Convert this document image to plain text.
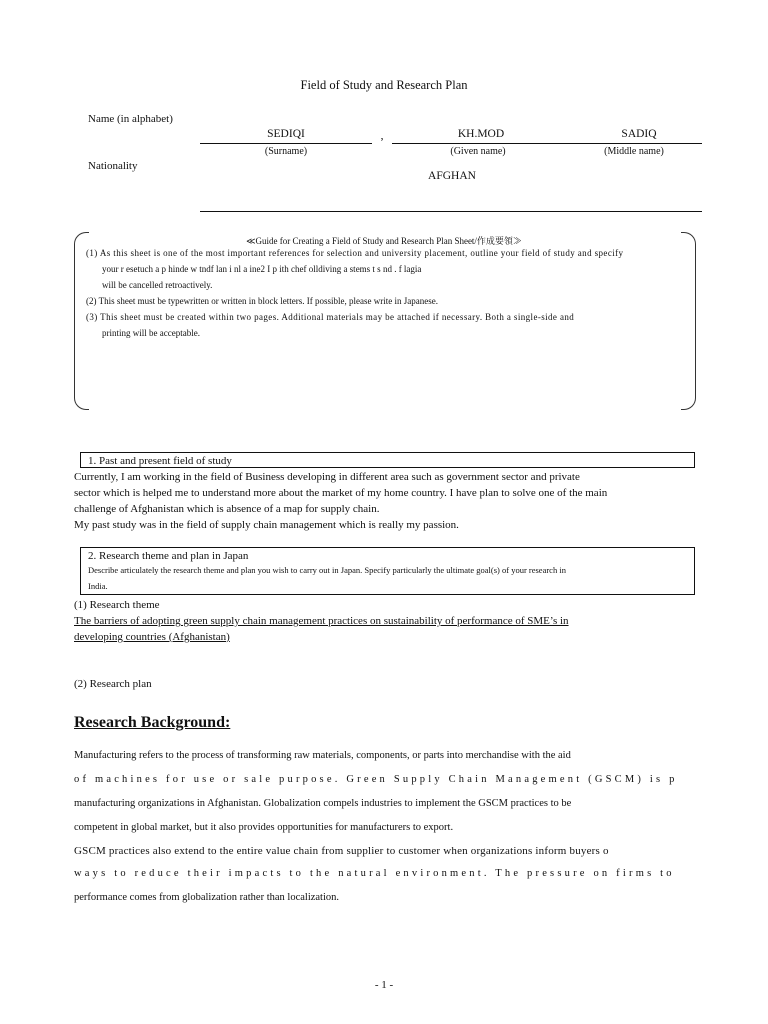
Field of Study and Research Plan
Name (in alphabet)
SEDIQI	,	KH.MOD	SADIQ
(Surname)	(Given name)	(Middle name)
Nationality
AFGHAN
≪Guide for Creating a Field of Study and Research Plan Sheet/作成要領≫
(1) As this sheet is one of the most important references for selection and university placement, outline your field of study and specify
your r esetuch a p hinde w tndf lan i nl a ine2 I p ith chef olldiving a stems t s nd . f lagia
will be cancelled retroactively.
(2) This sheet must be typewritten or written in block letters. If possible, please write in Japanese.
(3) This sheet must be created within two pages. Additional materials may be attached if necessary. Both a single-side and
printing will be acceptable.
1. Past and present field of study
Currently, I am working in the field of Business developing in different area such as government sector and private
sector which is helped me to understand more about the market of my home country. I have plan to solve one of the main
challenge of Afghanistan which is absence of a map for supply chain.
My past study was in the field of supply chain management which is really my passion.
2. Research theme and plan in Japan
Describe articulately the research theme and plan you wish to carry out in Japan. Specify particularly the ultimate goal(s) of your research in
India.
(1) Research theme
The barriers of adopting green supply chain management practices on sustainability of performance of SME’s in
developing countries (Afghanistan)
(2) Research plan
Research Background:
Manufacturing refers to the process of transforming raw materials, components, or parts into merchandise with the aid
of machines for use or sale purpose. Green Supply Chain Management (GSCM) is p
manufacturing organizations in Afghanistan. Globalization compels industries to implement the GSCM practices to be
competent in global market, but it also provides opportunities for manufacturers to export.
GSCM practices also extend to the entire value chain from supplier to customer when organizations inform buyers o
ways to reduce their impacts to the natural environment. The pressure on firms to
performance comes from globalization rather than localization.
- 1 -
